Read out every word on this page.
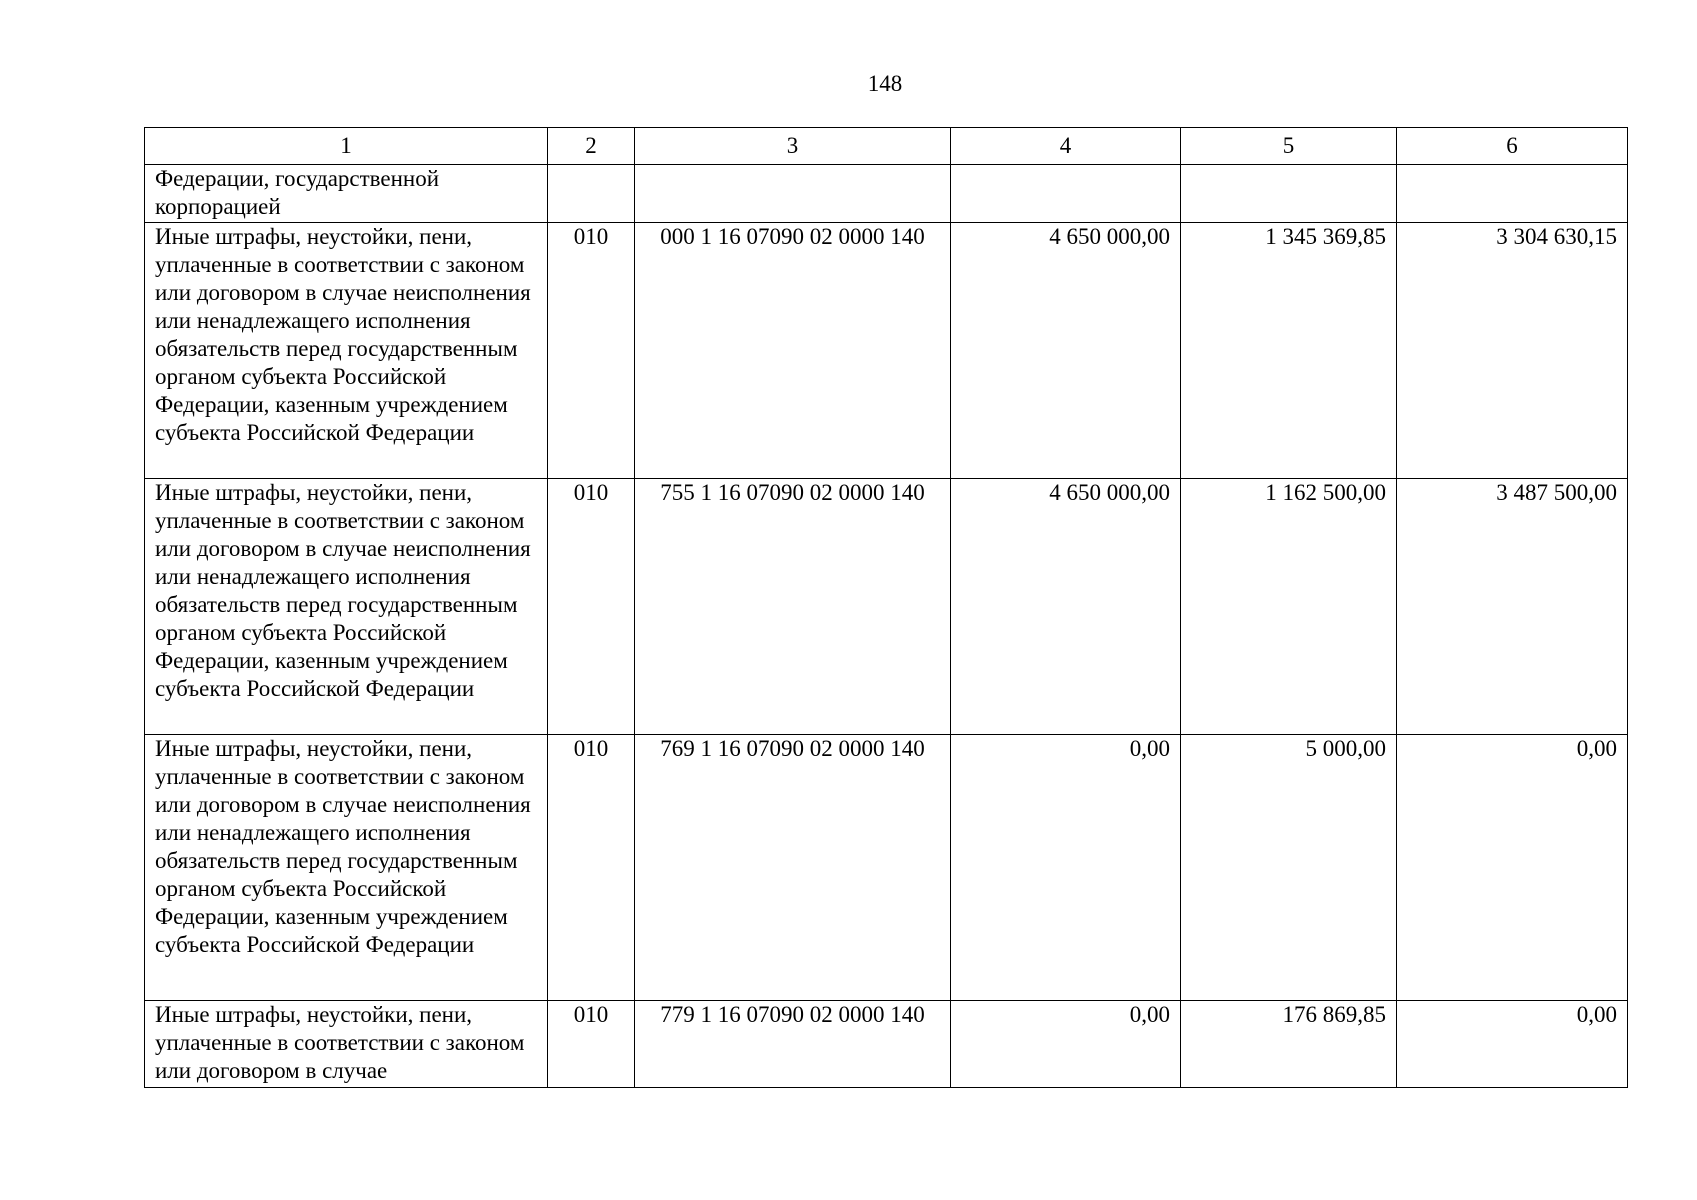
148
1	2	3	4	5	6
Федерации, государственной корпорацией					
Иные штрафы, неустойки, пени, уплаченные в соответствии с законом или договором в случае неисполнения или ненадлежащего исполнения обязательств перед государственным органом субъекта Российской Федерации, казенным учреждением субъекта Российской Федерации	010	000 1 16 07090 02 0000 140	4 650 000,00	1 345 369,85	3 304 630,15
Иные штрафы, неустойки, пени, уплаченные в соответствии с законом или договором в случае неисполнения или ненадлежащего исполнения обязательств перед государственным органом субъекта Российской Федерации, казенным учреждением субъекта Российской Федерации	010	755 1 16 07090 02 0000 140	4 650 000,00	1 162 500,00	3 487 500,00
Иные штрафы, неустойки, пени, уплаченные в соответствии с законом или договором в случае неисполнения или ненадлежащего исполнения обязательств перед государственным органом субъекта Российской Федерации, казенным учреждением субъекта Российской Федерации	010	769 1 16 07090 02 0000 140	0,00	5 000,00	0,00
Иные штрафы, неустойки, пени, уплаченные в соответствии с законом или договором в случае	010	779 1 16 07090 02 0000 140	0,00	176 869,85	0,00
